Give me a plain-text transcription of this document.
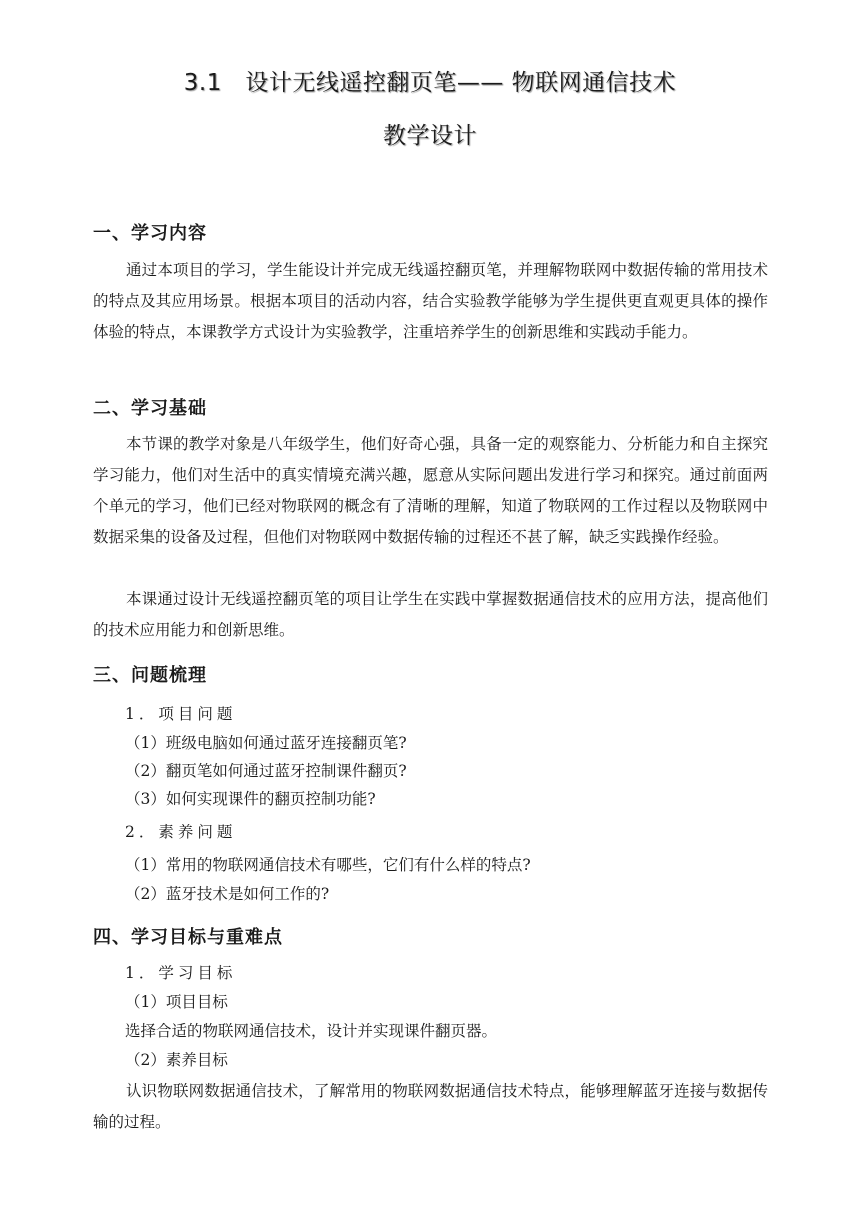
3.1　设计无线遥控翻页笔—— 物联网通信技术
教学设计
一、学习内容

通过本项目的学习，学生能设计并完成无线遥控翻页笔，并理解物联网中数据传输的常用技术的特点及其应用场景。根据本项目的活动内容，结合实验教学能够为学生提供更直观更具体的操作体验的特点，本课教学方式设计为实验教学，注重培养学生的创新思维和实践动手能力。

二、学习基础

本节课的教学对象是八年级学生，他们好奇心强，具备一定的观察能力、分析能力和自主探究学习能力，他们对生活中的真实情境充满兴趣，愿意从实际问题出发进行学习和探究。通过前面两个单元的学习，他们已经对物联网的概念有了清晰的理解，知道了物联网的工作过程以及物联网中数据采集的设备及过程，但他们对物联网中数据传输的过程还不甚了解，缺乏实践操作经验。

本课通过设计无线遥控翻页笔的项目让学生在实践中掌握数据通信技术的应用方法，提高他们的技术应用能力和创新思维。

三、问题梳理
1．项目问题
（1）班级电脑如何通过蓝牙连接翻页笔?
（2）翻页笔如何通过蓝牙控制课件翻页?
（3）如何实现课件的翻页控制功能?
2．素养问题
（1）常用的物联网通信技术有哪些，它们有什么样的特点?
（2）蓝牙技术是如何工作的?
四、学习目标与重难点
1．学习目标
（1）项目目标
选择合适的物联网通信技术，设计并实现课件翻页器。
（2）素养目标

认识物联网数据通信技术，了解常用的物联网数据通信技术特点，能够理解蓝牙连接与数据传输的过程。
